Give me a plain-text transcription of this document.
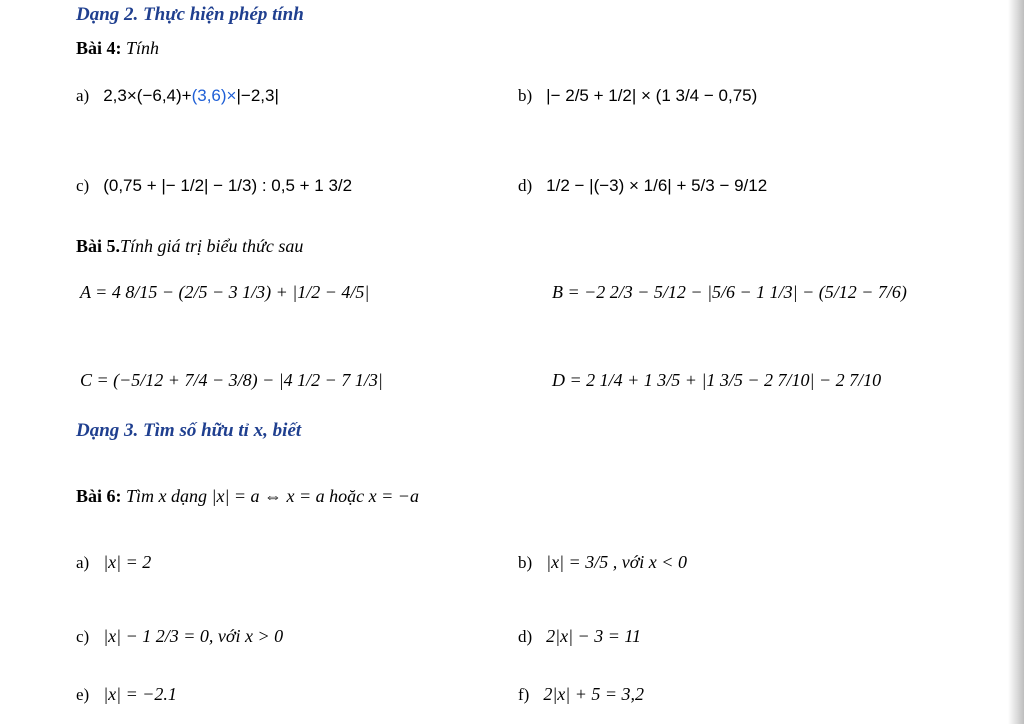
Dạng 2. Thực hiện phép tính
Bài 4: Tính
a) 2,3×(−6,4)+(3,6)×|−2,3|	b) |− 2/5 + 1/2| × (1 3/4 − 0,75)
c) (0,75 + |− 1/2| − 1/3) : 0,5 + 1 3/2	d) 1/2 − |(−3) × 1/6| + 5/3 − 9/12
Bài 5.Tính giá trị biểu thức sau
A = 4 8/15 − (2/5 − 3 1/3) + |1/2 − 4/5|	B = −2 2/3 − 5/12 − |5/6 − 1 1/3| − (5/12 − 7/6)
C = (−5/12 + 7/4 − 3/8) − |4 1/2 − 7 1/3|	D = 2 1/4 + 1 3/5 + |1 3/5 − 2 7/10| − 2 7/10
Dạng 3. Tìm số hữu tỉ x, biết
Bài 6: Tìm x dạng |x| = a ⇔ x = a hoặc x = −a
a) |x| = 2	b) |x| = 3/5 , với x < 0
c) |x| − 1 2/3 = 0, với x > 0	d) 2|x| − 3 = 11
e) |x| = −2.1	f) 2|x| + 5 = 3,2
